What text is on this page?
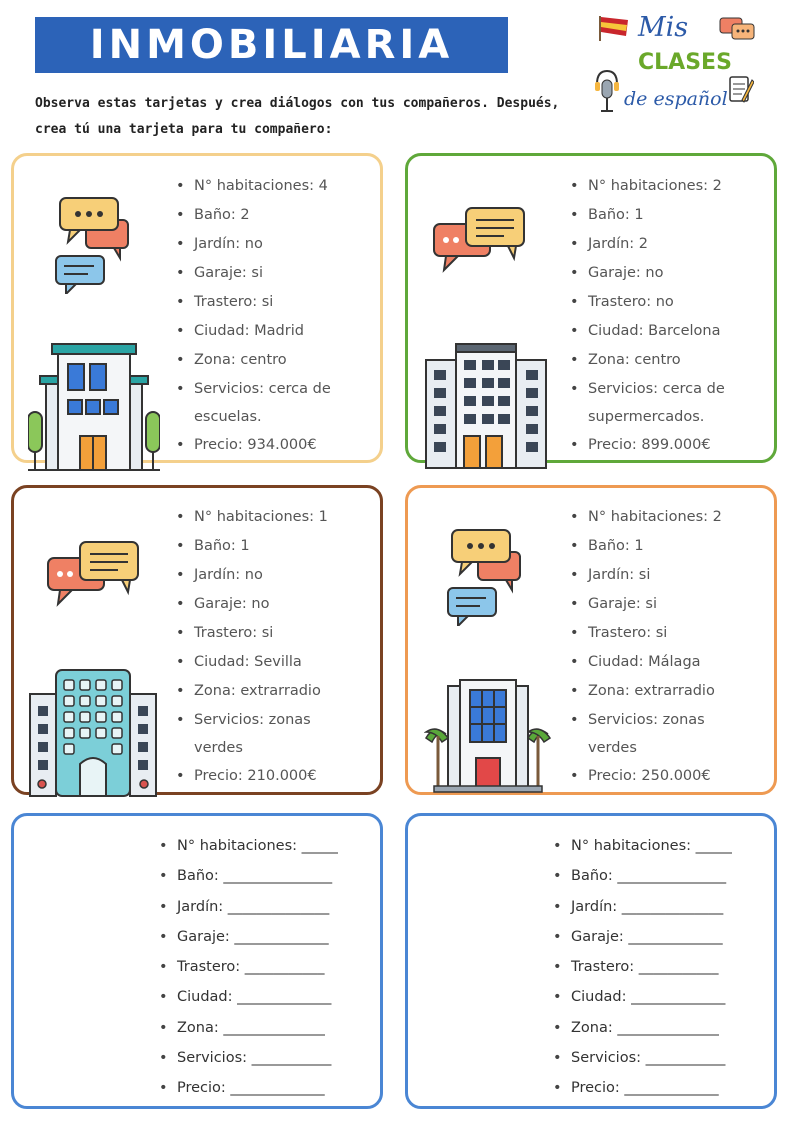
INMOBILIARIA	Mis
CLASES
de español
Observa estas tarjetas y crea diálogos con tus compañeros. Después,
crea tú una tarjeta para tu compañero:
• N° habitaciones: 4
• Baño: 2
• Jardín: no
• Garaje: si
• Trastero: si
• Ciudad: Madrid
• Zona: centro
• Servicios: cerca de
escuelas.
• Precio: 934.000€
• N° habitaciones: 2
• Baño: 1
• Jardín: 2
• Garaje: no
• Trastero: no
• Ciudad: Barcelona
• Zona: centro
• Servicios: cerca de
supermercados.
• Precio: 899.000€
• N° habitaciones: 1
• Baño: 1
• Jardín: no
• Garaje: no
• Trastero: si
• Ciudad: Sevilla
• Zona: extrarradio
• Servicios: zonas
verdes
• Precio: 210.000€
• N° habitaciones: 2
• Baño: 1
• Jardín: si
• Garaje: si
• Trastero: si
• Ciudad: Málaga
• Zona: extrarradio
• Servicios: zonas
verdes
• Precio: 250.000€
• N° habitaciones: _____
• Baño: _______________
• Jardín: ______________
• Garaje: _____________
• Trastero: ___________
• Ciudad: _____________
• Zona: ______________
• Servicios: ___________
• Precio: _____________
• N° habitaciones: _____
• Baño: _______________
• Jardín: ______________
• Garaje: _____________
• Trastero: ___________
• Ciudad: _____________
• Zona: ______________
• Servicios: ___________
• Precio: _____________
